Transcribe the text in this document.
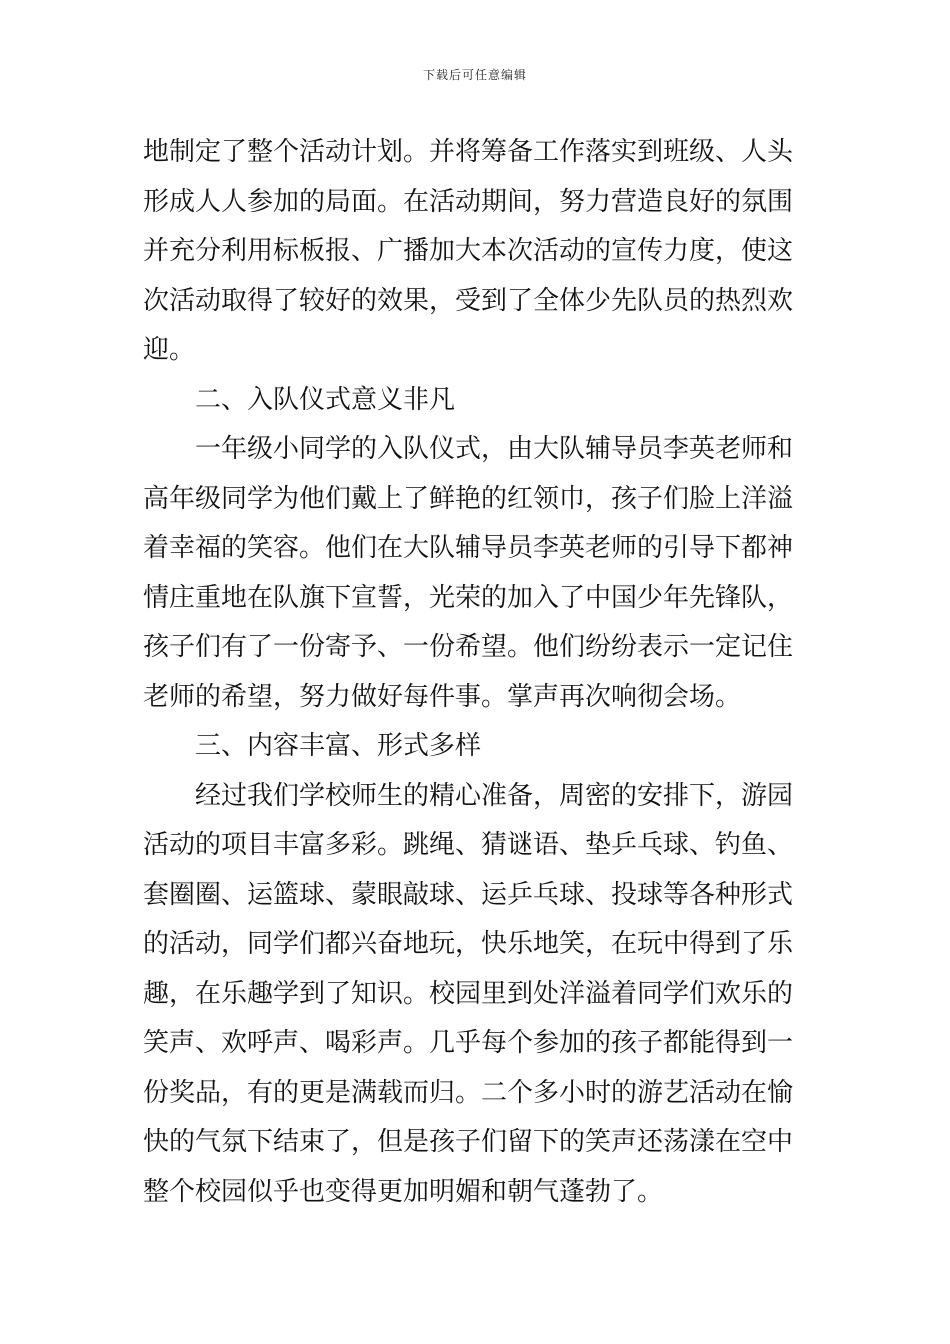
下载后可任意编辑
地制定了整个活动计划。并将筹备工作落实到班级、人头
形成人人参加的局面。在活动期间，努力营造良好的氛围
并充分利用标板报、广播加大本次活动的宣传力度，使这
次活动取得了较好的效果，受到了全体少先队员的热烈欢
迎。
二、入队仪式意义非凡
一年级小同学的入队仪式，由大队辅导员李英老师和
高年级同学为他们戴上了鲜艳的红领巾，孩子们脸上洋溢
着幸福的笑容。他们在大队辅导员李英老师的引导下都神
情庄重地在队旗下宣誓，光荣的加入了中国少年先锋队，
孩子们有了一份寄予、一份希望。他们纷纷表示一定记住
老师的希望，努力做好每件事。掌声再次响彻会场。
三、内容丰富、形式多样
经过我们学校师生的精心准备，周密的安排下，游园
活动的项目丰富多彩。跳绳、猜谜语、垫乒乓球、钓鱼、
套圈圈、运篮球、蒙眼敲球、运乒乓球、投球等各种形式
的活动，同学们都兴奋地玩，快乐地笑，在玩中得到了乐
趣，在乐趣学到了知识。校园里到处洋溢着同学们欢乐的
笑声、欢呼声、喝彩声。几乎每个参加的孩子都能得到一
份奖品，有的更是满载而归。二个多小时的游艺活动在愉
快的气氛下结束了，但是孩子们留下的笑声还荡漾在空中
整个校园似乎也变得更加明媚和朝气蓬勃了。
